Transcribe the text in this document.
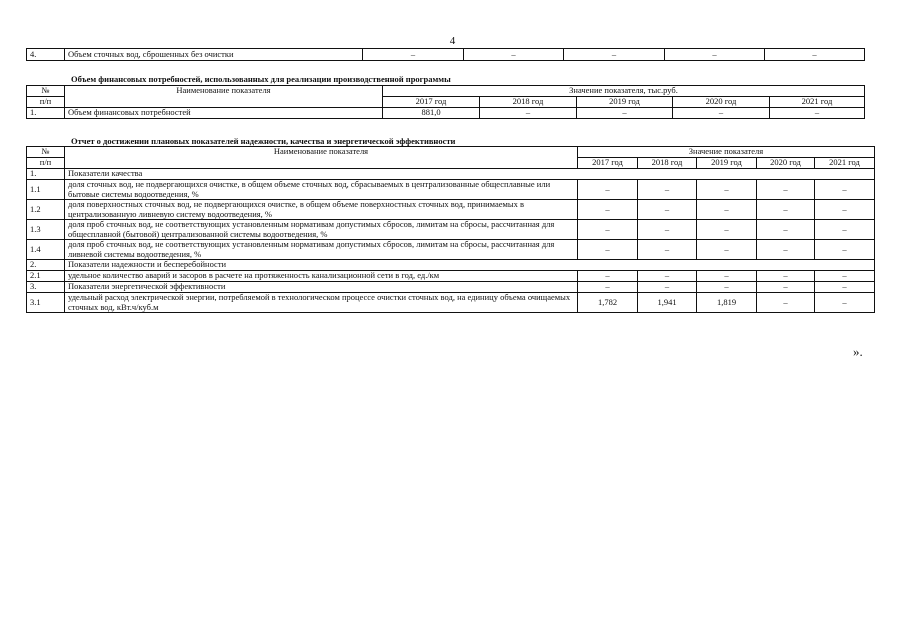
4
4.	Объем сточных вод, сброшенных без очистки	–	–	–	–	–
Объем финансовых потребностей, использованных для реализации производственной программы
№	Наименование показателя	Значение показателя, тыс.руб.				
п/п		2017 год	2018 год	2019 год	2020 год	2021 год
1.	Объем финансовых потребностей	881,0	–	–	–	–
Отчет о достижении плановых показателей надежности, качества и энергетической эффективности
№	Наименование показателя	Значение показателя				
п/п		2017 год	2018 год	2019 год	2020 год	2021 год
1.	Показатели качества					
1.1	доля сточных вод, не подвергающихся очистке, в общем объеме сточных вод, сбрасываемых в централизованные общесплавные или бытовые системы водоотведения, %	–	–	–	–	–
1.2	доля поверхностных сточных вод, не подвергающихся очистке, в общем объеме поверхностных сточных вод, принимаемых в централизованную ливневую систему водоотведения, %	–	–	–	–	–
1.3	доля проб сточных вод, не соответствующих установленным нормативам допустимых сбросов, лимитам на сбросы, рассчитанная для общесплавной (бытовой) централизованной системы водоотведения, %	–	–	–	–	–
1.4	доля проб сточных вод, не соответствующих установленным нормативам допустимых сбросов, лимитам на сбросы, рассчитанная для ливневой системы водоотведения, %	–	–	–	–	–
2.	Показатели надежности и бесперебойности					
2.1	удельное количество аварий и засоров в расчете на протяженность канализационной сети в год, ед./км	–	–	–	–	–
3.	Показатели энергетической эффективности	–	–	–	–	–
3.1	удельный расход электрической энергии, потребляемой в технологическом процессе очистки сточных вод, на единицу объема очищаемых сточных вод, кВт.ч/куб.м	1,782	1,941	1,819	–	–
».
